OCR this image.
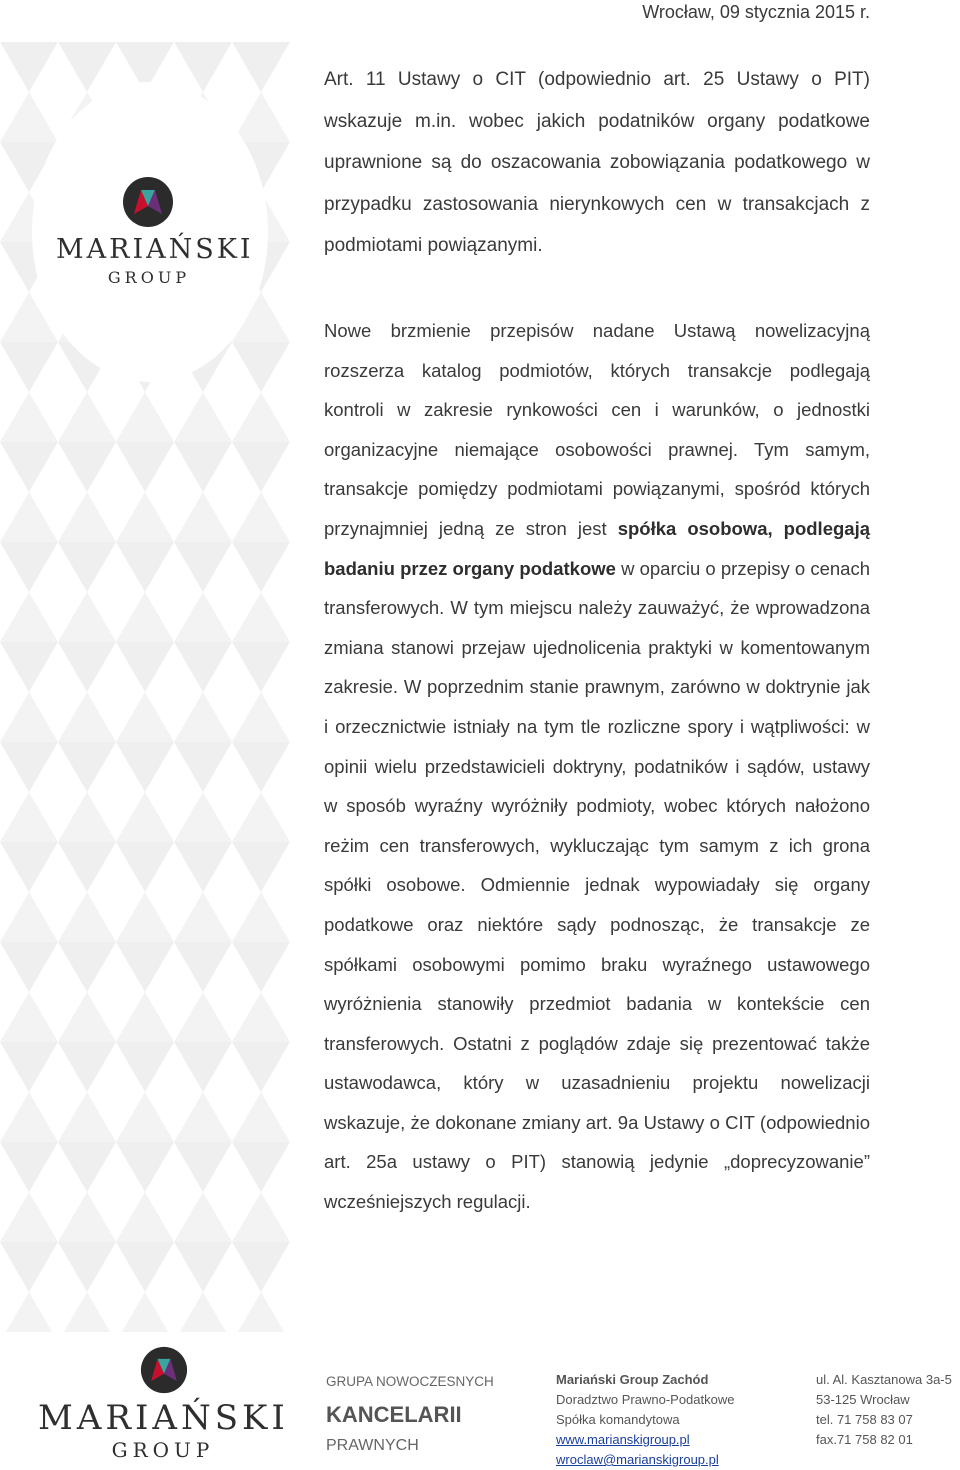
MARIAŃSKI
GROUP
Wrocław, 09 stycznia 2015 r.

Art. 11 Ustawy o CIT (odpowiednio art. 25 Ustawy o PIT) wskazuje m.in. wobec jakich podatników organy podatkowe uprawnione są do oszacowania zobowiązania podatkowego w przypadku zastosowania nierynkowych cen w transakcjach z podmiotami powiązanymi.

Nowe brzmienie przepisów nadane Ustawą nowelizacyjną rozszerza katalog podmiotów, których transakcje podlegają kontroli w zakresie rynkowości cen i warunków, o jednostki organizacyjne niemające osobowości prawnej. Tym samym, transakcje pomiędzy podmiotami powiązanymi, spośród których przynajmniej jedną ze stron jest spółka osobowa, podlegają badaniu przez organy podatkowe w oparciu o przepisy o cenach transferowych. W tym miejscu należy zauważyć, że wprowadzona zmiana stanowi przejaw ujednolicenia praktyki w komentowanym zakresie. W poprzednim stanie prawnym, zarówno w doktrynie jak i orzecznictwie istniały na tym tle rozliczne spory i wątpliwości: w opinii wielu przedstawicieli doktryny, podatników i sądów, ustawy w sposób wyraźny wyróżniły podmioty, wobec których nałożono reżim cen transferowych, wykluczając tym samym z ich grona spółki osobowe. Odmiennie jednak wypowiadały się organy podatkowe oraz niektóre sądy podnosząc, że transakcje ze spółkami osobowymi pomimo braku wyraźnego ustawowego wyróżnienia stanowiły przedmiot badania w kontekście cen transferowych. Ostatni z poglądów zdaje się prezentować także ustawodawca, który w uzasadnieniu projektu nowelizacji wskazuje, że dokonane zmiany art. 9a Ustawy o CIT (odpowiednio art. 25a ustawy o PIT) stanowią jedynie „doprecyzowanie” wcześniejszych regulacji.

MARIAŃSKI
GROUP
GRUPA NOWOCZESNYCH
KANCELARII
PRAWNYCH
Mariański Group Zachód
Doradztwo Prawno-Podatkowe
Spółka komandytowa
www.marianskigroup.pl
wroclaw@marianskigroup.pl
ul. Al. Kasztanowa 3a-5
53-125 Wrocław
tel. 71 758 83 07
fax.71 758 82 01
